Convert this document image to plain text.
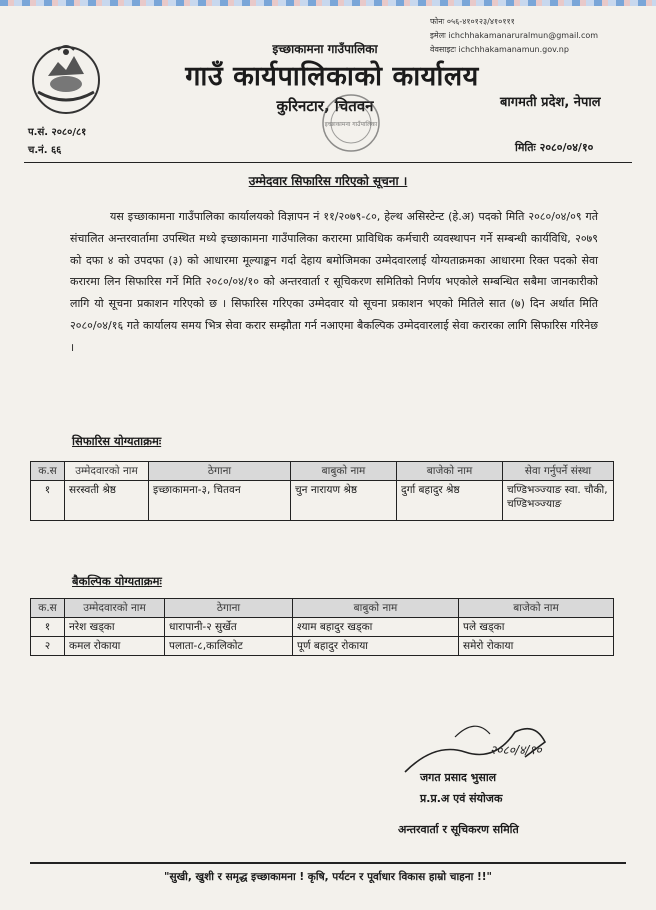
इच्छाकामना गाउँपालिका
गाउँ कार्यपालिकाको कार्यालय
कुरिनटार, चितवन
फोनः ०५६-४१०१२३/४१०१११
इमेलः ichchhakamanaruralmun@gmail.com
वेवसाइटः ichchhakamanamun.gov.np
बागमती प्रदेश, नेपाल
प.सं. २०८०/८१
च.नं. ६६	मितिः २०८०/०४/१०
इच्छाकामना गाउँपालिका
उम्मेदवार सिफारिस गरिएको सूचना ।
यस इच्छाकामना गाउँपालिका कार्यालयको विज्ञापन नं ११/२०७९-८०, हेल्थ असिस्टेन्ट (हे.अ) पदको मिति २०८०/०४/०९ गते संचालित अन्तरवार्तामा उपस्थित मध्ये इच्छाकामना गाउँपालिका करारमा प्राविधिक कर्मचारी व्यवस्थापन गर्ने सम्बन्धी कार्यविधि, २०७९ को दफा ४ को उपदफा (३) को आधारमा मूल्याङ्कन गर्दा देहाय बमोजिमका उम्मेदवारलाई योग्यताक्रमका आधारमा रिक्त पदको सेवा करारमा लिन सिफारिस गर्ने मिति २०८०/०४/१० को अन्तरवार्ता र सूचिकरण समितिको निर्णय भएकोले सम्बन्धित सबैमा जानकारीको लागि यो सूचना प्रकाशन गरिएको छ । सिफारिस गरिएका उम्मेदवार यो सूचना प्रकाशन भएको मितिले सात (७) दिन अर्थात मिति २०८०/०४/१६ गते कार्यालय समय भित्र सेवा करार सम्झौता गर्न नआएमा बैकल्पिक उम्मेदवारलाई सेवा करारका लागि सिफारिस गरिनेछ ।
सिफारिस योग्यताक्रमः
क.स	उम्मेदवारको नाम	ठेगाना	बाबुको नाम	बाजेको नाम	सेवा गर्नुपर्ने संस्था
१	सरस्वती श्रेष्ठ	इच्छाकामना-३, चितवन	चुन नारायण श्रेष्ठ	दुर्गा बहादुर श्रेष्ठ	चण्डिभञ्ज्याङ स्वा. चौकी, चण्डिभञ्ज्याङ
बैकल्पिक योग्यताक्रमः
क.स	उम्मेदवारको नाम	ठेगाना	बाबुको नाम	बाजेको नाम
१	नरेश खड्का	धारापानी-२ सुर्खेत	श्याम बहादुर खड्का	पले खड्का
२	कमल रोकाया	पलाता-८,कालिकोट	पूर्ण बहादुर रोकाया	समेरो रोकाया
२०८०/४/१०
जगत प्रसाद भुसाल
प्र.प्र.अ एवं संयोजक
अन्तरवार्ता र सूचिकरण समिति
"सुखी, खुशी र समृद्ध इच्छाकामना ! कृषि, पर्यटन र पूर्वाधार विकास हाम्रो चाहना !!"
